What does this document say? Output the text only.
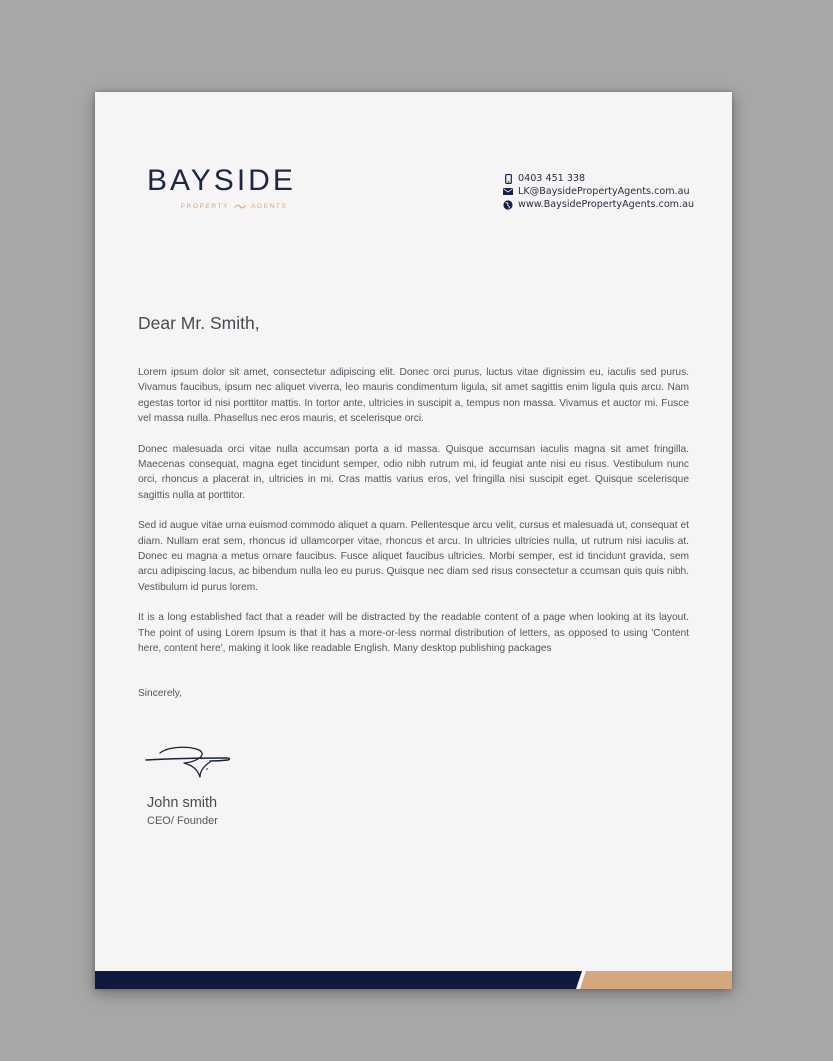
BAYSIDE
PROPERTY	AGENTS
0403 451 338
LK@BaysidePropertyAgents.com.au
www.BaysidePropertyAgents.com.au
Dear Mr. Smith,

Lorem ipsum dolor sit amet, consectetur adipiscing elit. Donec orci purus, luctus vitae dignissim eu, iaculis sed purus. Vivamus faucibus, ipsum nec aliquet viverra, leo mauris condimentum ligula, sit amet sagittis enim ligula quis arcu. Nam egestas tortor id nisi porttitor mattis. In tortor ante, ultricies in suscipit a, tempus non massa. Vivamus et auctor mi. Fusce vel massa nulla. Phasellus nec eros mauris, et scelerisque orci.

Donec malesuada orci vitae nulla accumsan porta a id massa. Quisque accumsan iaculis magna sit amet fringilla. Maecenas consequat, magna eget tincidunt semper, odio nibh rutrum mi, id feugiat ante nisi eu risus. Vestibulum nunc orci, rhoncus a placerat in, ultricies in mi. Cras mattis varius eros, vel fringilla nisi suscipit eget. Quisque scelerisque sagittis nulla at porttitor.

Sed id augue vitae urna euismod commodo aliquet a quam. Pellentesque arcu velit, cursus et malesuada ut, consequat et diam. Nullam erat sem, rhoncus id ullamcorper vitae, rhoncus et arcu. In ultricies ultricies nulla, ut rutrum nisi iaculis at. Donec eu magna a metus ornare faucibus. Fusce aliquet faucibus ultricies. Morbi semper, est id tincidunt gravida, sem arcu adipiscing lacus, ac bibendum nulla leo eu purus. Quisque nec diam sed risus consectetur a ccumsan quis quis nibh. Vestibulum id purus lorem.

It is a long established fact that a reader will be distracted by the readable content of a page when looking at its layout. The point of using Lorem Ipsum is that it has a more-or-less normal distribution of letters, as opposed to using 'Content here, content here', making it look like readable English. Many desktop publishing packages

Sincerely,
John smith
CEO/ Founder
